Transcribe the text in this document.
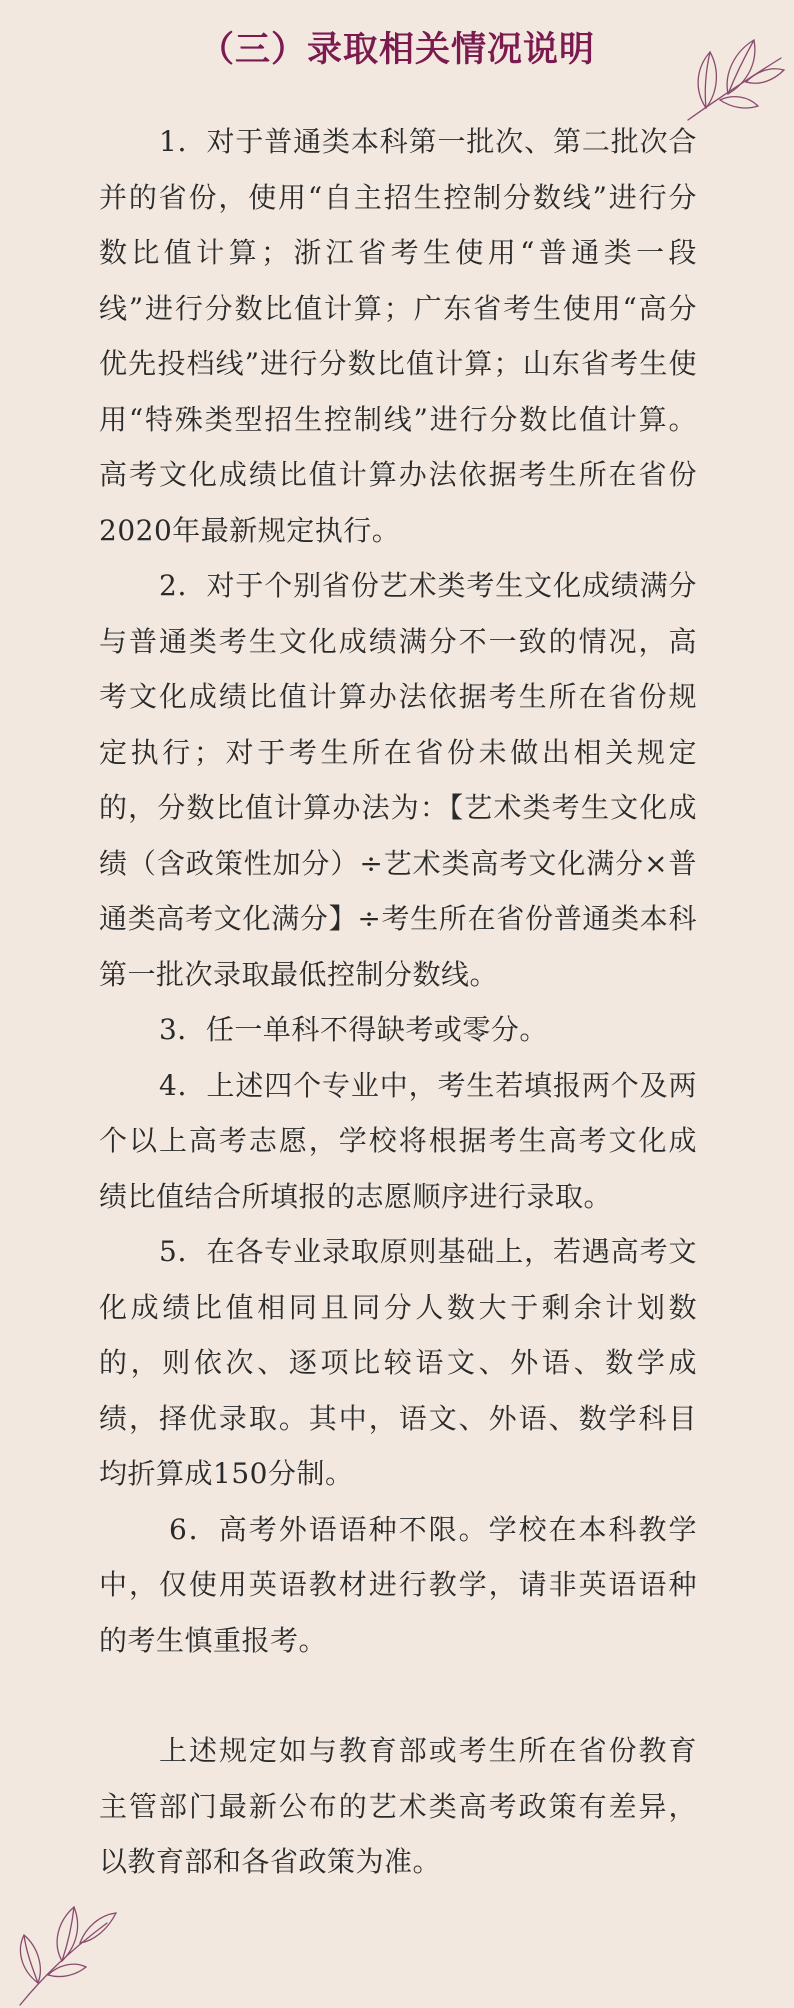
（三）录取相关情况说明

1．对于普通类本科第一批次、第二批次合并的省份，使用“自主招生控制分数线”进行分数比值计算；浙江省考生使用“普通类一段线”进行分数比值计算；广东省考生使用“高分优先投档线”进行分数比值计算；山东省考生使用“特殊类型招生控制线”进行分数比值计算。高考文化成绩比值计算办法依据考生所在省份2020年最新规定执行。

2．对于个别省份艺术类考生文化成绩满分与普通类考生文化成绩满分不一致的情况，高考文化成绩比值计算办法依据考生所在省份规定执行；对于考生所在省份未做出相关规定的，分数比值计算办法为：【艺术类考生文化成绩（含政策性加分）÷艺术类高考文化满分×普通类高考文化满分】÷考生所在省份普通类本科第一批次录取最低控制分数线。

3．任一单科不得缺考或零分。

4．上述四个专业中，考生若填报两个及两个以上高考志愿，学校将根据考生高考文化成绩比值结合所填报的志愿顺序进行录取。

5．在各专业录取原则基础上，若遇高考文化成绩比值相同且同分人数大于剩余计划数的，则依次、逐项比较语文、外语、数学成绩，择优录取。其中，语文、外语、数学科目均折算成150分制。

6．高考外语语种不限。学校在本科教学中，仅使用英语教材进行教学，请非英语语种的考生慎重报考。

上述规定如与教育部或考生所在省份教育主管部门最新公布的艺术类高考政策有差异，以教育部和各省政策为准。
